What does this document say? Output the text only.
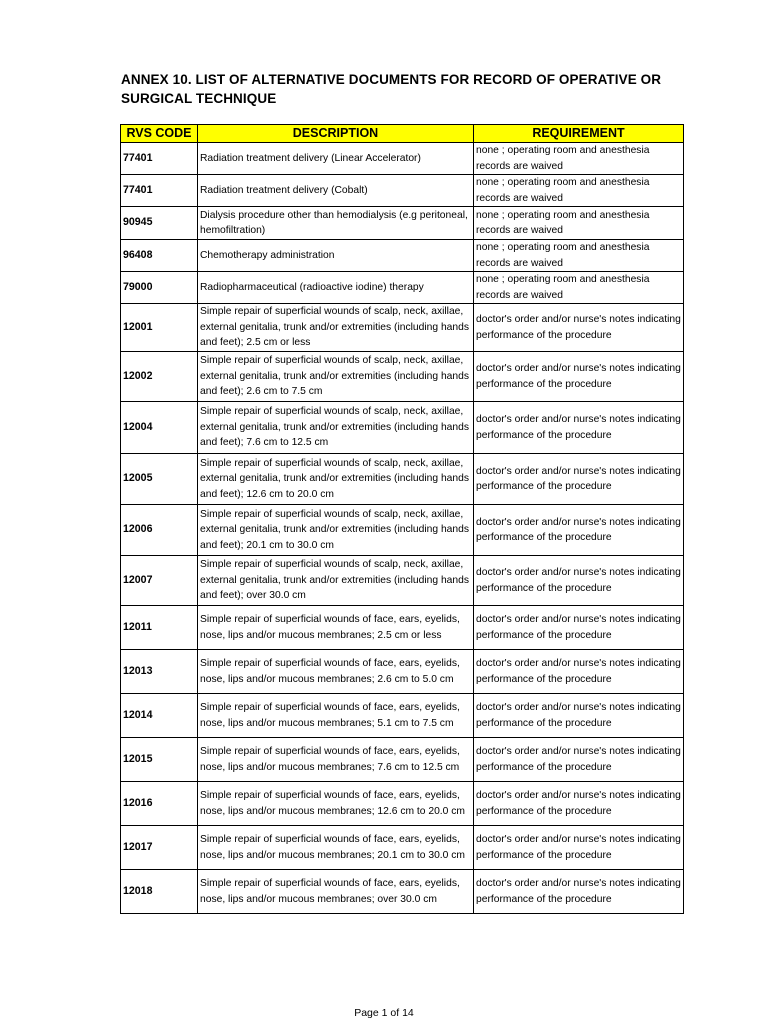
ANNEX 10. LIST OF ALTERNATIVE DOCUMENTS FOR RECORD OF OPERATIVE OR SURGICAL TECHNIQUE
RVS CODE	DESCRIPTION	REQUIREMENT
77401	Radiation treatment delivery (Linear Accelerator)	none ; operating room and anesthesia records are waived
77401	Radiation treatment delivery (Cobalt)	none ; operating room and anesthesia records are waived
90945	Dialysis procedure other than hemodialysis (e.g peritoneal, hemofiltration)	none ; operating room and anesthesia records are waived
96408	Chemotherapy administration	none ; operating room and anesthesia records are waived
79000	Radiopharmaceutical (radioactive iodine) therapy	none ; operating room and anesthesia records are waived
12001	Simple repair of superficial wounds of scalp, neck, axillae, external genitalia, trunk and/or extremities (including hands and feet); 2.5 cm or less	doctor's order and/or nurse's notes indicating performance of the procedure
12002	Simple repair of superficial wounds of scalp, neck, axillae, external genitalia, trunk and/or extremities (including hands and feet); 2.6 cm to 7.5 cm	doctor's order and/or nurse's notes indicating performance of the procedure
12004	Simple repair of superficial wounds of scalp, neck, axillae, external genitalia, trunk and/or extremities (including hands and feet); 7.6 cm to 12.5 cm	doctor's order and/or nurse's notes indicating performance of the procedure
12005	Simple repair of superficial wounds of scalp, neck, axillae, external genitalia, trunk and/or extremities (including hands and feet); 12.6 cm to 20.0 cm	doctor's order and/or nurse's notes indicating performance of the procedure
12006	Simple repair of superficial wounds of scalp, neck, axillae, external genitalia, trunk and/or extremities (including hands and feet); 20.1 cm to 30.0 cm	doctor's order and/or nurse's notes indicating performance of the procedure
12007	Simple repair of superficial wounds of scalp, neck, axillae, external genitalia, trunk and/or extremities (including hands and feet); over 30.0 cm	doctor's order and/or nurse's notes indicating performance of the procedure
12011	Simple repair of superficial wounds of face, ears, eyelids, nose, lips and/or mucous membranes; 2.5 cm or less	doctor's order and/or nurse's notes indicating performance of the procedure
12013	Simple repair of superficial wounds of face, ears, eyelids, nose, lips and/or mucous membranes; 2.6 cm to 5.0 cm	doctor's order and/or nurse's notes indicating performance of the procedure
12014	Simple repair of superficial wounds of face, ears, eyelids, nose, lips and/or mucous membranes; 5.1 cm to 7.5 cm	doctor's order and/or nurse's notes indicating performance of the procedure
12015	Simple repair of superficial wounds of face, ears, eyelids, nose, lips and/or mucous membranes; 7.6 cm to 12.5 cm	doctor's order and/or nurse's notes indicating performance of the procedure
12016	Simple repair of superficial wounds of face, ears, eyelids, nose, lips and/or mucous membranes; 12.6 cm to 20.0 cm	doctor's order and/or nurse's notes indicating performance of the procedure
12017	Simple repair of superficial wounds of face, ears, eyelids, nose, lips and/or mucous membranes; 20.1 cm to 30.0 cm	doctor's order and/or nurse's notes indicating performance of the procedure
12018	Simple repair of superficial wounds of face, ears, eyelids, nose, lips and/or mucous membranes; over 30.0 cm	doctor's order and/or nurse's notes indicating performance of the procedure
Page 1 of 14
